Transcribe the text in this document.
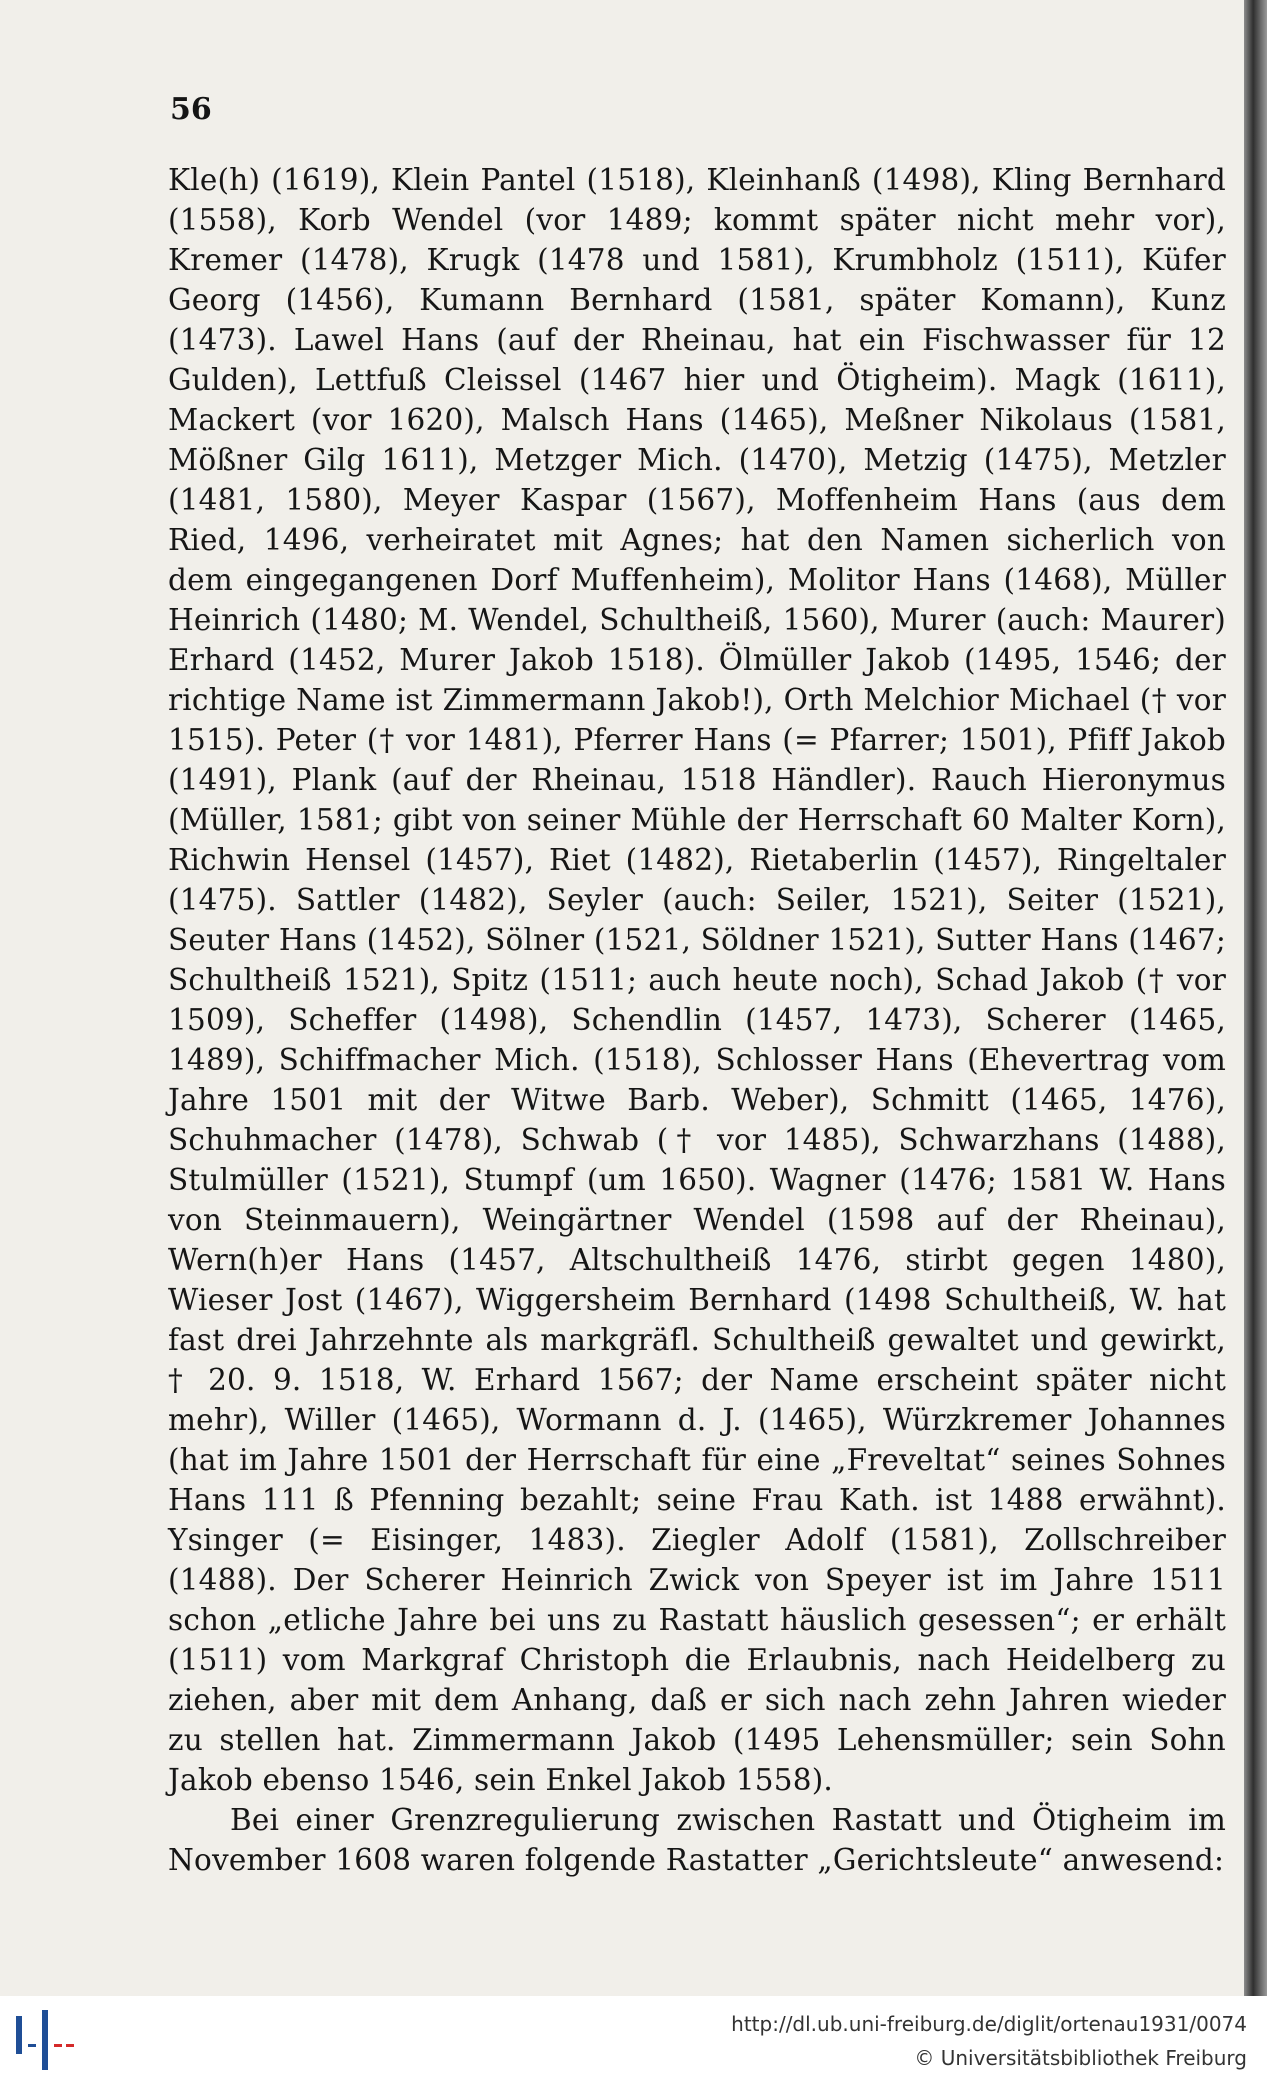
56

Kle(h) (1619), Klein Pantel (1518), Kleinhanß (1498), Kling Bernhard (1558), Korb Wendel (vor 1489; kommt später nicht mehr vor), Kremer (1478), Krugk (1478 und 1581), Krumbholz (1511), Küfer Georg (1456), Kumann Bernhard (1581, später Komann), Kunz (1473). Lawel Hans (auf der Rheinau, hat ein Fischwasser für 12 Gulden), Lettfuß Cleissel (1467 hier und Ötigheim). Magk (1611), Mackert (vor 1620), Malsch Hans (1465), Meßner Nikolaus (1581, Mößner Gilg 1611), Metzger Mich. (1470), Metzig (1475), Metzler (1481, 1580), Meyer Kaspar (1567), Moffenheim Hans (aus dem Ried, 1496, verheiratet mit Agnes; hat den Namen sicherlich von dem eingegangenen Dorf Muffenheim), Molitor Hans (1468), Müller Heinrich (1480; M. Wendel, Schultheiß, 1560), Murer (auch: Maurer) Erhard (1452, Murer Jakob 1518). Ölmüller Jakob (1495, 1546; der richtige Name ist Zimmermann Jakob!), Orth Melchior Michael († vor 1515). Peter († vor 1481), Pferrer Hans (= Pfarrer; 1501), Pfiff Jakob (1491), Plank (auf der Rheinau, 1518 Händler). Rauch Hieronymus (Müller, 1581; gibt von seiner Mühle der Herrschaft 60 Malter Korn), Richwin Hensel (1457), Riet (1482), Rietaberlin (1457), Ringeltaler (1475). Sattler (1482), Seyler (auch: Seiler, 1521), Seiter (1521), Seuter Hans (1452), Sölner (1521, Söldner 1521), Sutter Hans (1467; Schultheiß 1521), Spitz (1511; auch heute noch), Schad Jakob († vor 1509), Scheffer (1498), Schendlin (1457, 1473), Scherer (1465, 1489), Schiffmacher Mich. (1518), Schlosser Hans (Ehevertrag vom Jahre 1501 mit der Witwe Barb. Weber), Schmitt (1465, 1476), Schuhmacher (1478), Schwab († vor 1485), Schwarzhans (1488), Stulmüller (1521), Stumpf (um 1650). Wagner (1476; 1581 W. Hans von Steinmauern), Weingärtner Wendel (1598 auf der Rheinau), Wern(h)er Hans (1457, Altschultheiß 1476, stirbt gegen 1480), Wieser Jost (1467), Wiggersheim Bernhard (1498 Schultheiß, W. hat fast drei Jahrzehnte als markgräfl. Schultheiß gewaltet und gewirkt, † 20. 9. 1518, W. Erhard 1567; der Name erscheint später nicht mehr), Willer (1465), Wormann d. J. (1465), Würzkremer Johannes (hat im Jahre 1501 der Herrschaft für eine „Freveltat“ seines Sohnes Hans 111 ß Pfenning bezahlt; seine Frau Kath. ist 1488 erwähnt). Ysinger (= Eisinger, 1483). Ziegler Adolf (1581), Zollschreiber (1488). Der Scherer Heinrich Zwick von Speyer ist im Jahre 1511 schon „etliche Jahre bei uns zu Rastatt häuslich gesessen“; er erhält (1511) vom Markgraf Christoph die Erlaubnis, nach Heidelberg zu ziehen, aber mit dem Anhang, daß er sich nach zehn Jahren wieder zu stellen hat. Zimmermann Jakob (1495 Lehensmüller; sein Sohn Jakob ebenso 1546, sein Enkel Jakob 1558).

Bei einer Grenzregulierung zwischen Rastatt und Ötigheim im November 1608 waren folgende Rastatter „Gerichtsleute“ anwesend:

http://dl.ub.uni-freiburg.de/diglit/ortenau1931/0074
© Universitätsbibliothek Freiburg
